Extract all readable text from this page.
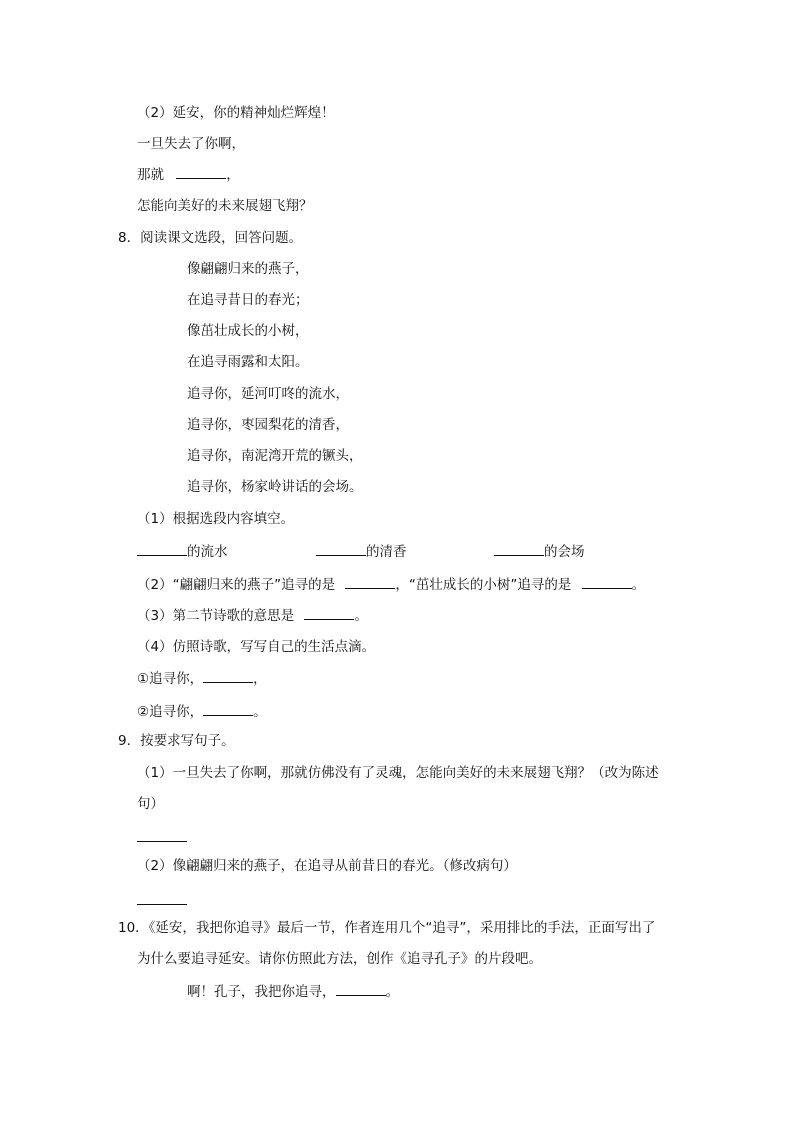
（2）延安，你的精神灿烂辉煌！
一旦失去了你啊，
那就	，
怎能向美好的未来展翅飞翔？
8．阅读课文选段，回答问题。
像翩翩归来的燕子，
在追寻昔日的春光；
像茁壮成长的小树，
在追寻雨露和太阳。
追寻你，延河叮咚的流水，
追寻你，枣园梨花的清香，
追寻你，南泥湾开荒的镢头，
追寻你，杨家岭讲话的会场。
（1）根据选段内容填空。
的流水	的清香	的会场
（2）“翩翩归来的燕子”追寻的是	，“茁壮成长的小树”追寻的是	。
（3）第二节诗歌的意思是	。
（4）仿照诗歌，写写自己的生活点滴。
①追寻你，	，
②追寻你，	。
9．按要求写句子。
（1）一旦失去了你啊，那就仿佛没有了灵魂，怎能向美好的未来展翅飞翔？（改为陈述
句）
（2）像翩翩归来的燕子，在追寻从前昔日的春光。（修改病句）
10．《延安，我把你追寻》最后一节，作者连用几个“追寻”，采用排比的手法，正面写出了
为什么要追寻延安。请你仿照此方法，创作《追寻孔子》的片段吧。
啊！孔子，我把你追寻，	。
